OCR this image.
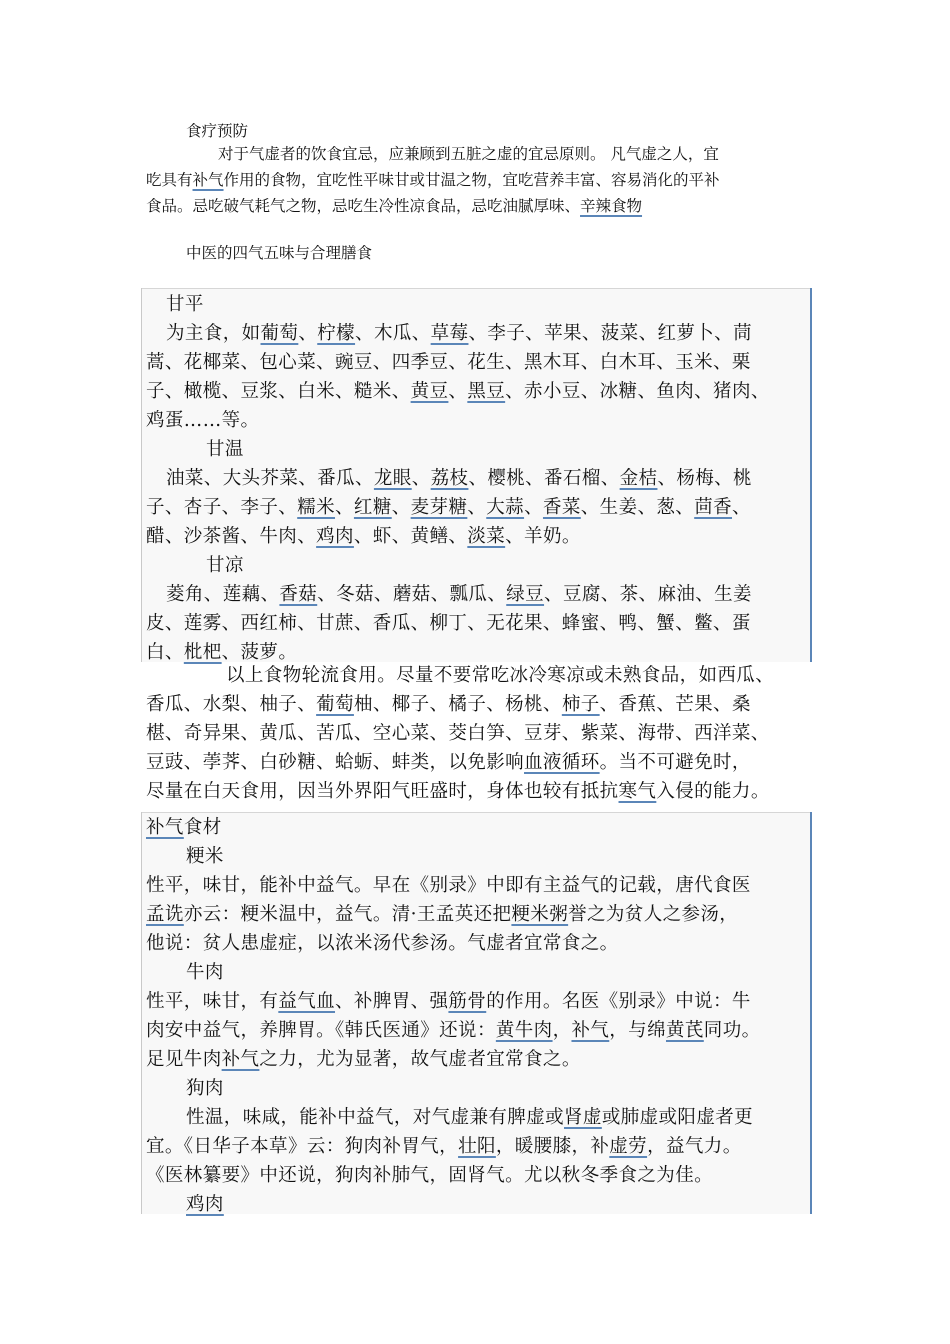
食疗预防

对于气虚者的饮食宜忌，应兼顾到五脏之虚的宜忌原则。 凡气虚之人，宜

吃具有补气作用的食物，宜吃性平味甘或甘温之物，宜吃营养丰富、容易消化的平补

食品。忌吃破气耗气之物，忌吃生冷性凉食品，忌吃油腻厚味、辛辣食物

中医的四气五味与合理膳食

甘平

为主食，如葡萄、柠檬、木瓜、草莓、李子、苹果、菠菜、红萝卜、茼

蒿、花椰菜、包心菜、豌豆、四季豆、花生、黑木耳、白木耳、玉米、栗

子、橄榄、豆浆、白米、糙米、黄豆、黑豆、赤小豆、冰糖、鱼肉、猪肉、

鸡蛋……等。

甘温

油菜、大头芥菜、番瓜、龙眼、荔枝、樱桃、番石榴、金桔、杨梅、桃

子、杏子、李子、糯米、红糖、麦芽糖、大蒜、香菜、生姜、葱、茴香、

醋、沙茶酱、牛肉、鸡肉、虾、黄鳝、淡菜、羊奶。

甘凉

菱角、莲藕、香菇、冬菇、蘑菇、瓢瓜、绿豆、豆腐、茶、麻油、生姜

皮、莲雾、西红柿、甘蔗、香瓜、柳丁、无花果、蜂蜜、鸭、蟹、鳖、蛋

白、枇杷、菠萝。

以上食物轮流食用。尽量不要常吃冰冷寒凉或未熟食品，如西瓜、

香瓜、水梨、柚子、葡萄柚、椰子、橘子、杨桃、柿子、香蕉、芒果、桑

椹、奇异果、黄瓜、苦瓜、空心菜、茭白笋、豆芽、紫菜、海带、西洋菜、

豆豉、荸荠、白砂糖、蛤蛎、蚌类，以免影响血液循环。当不可避免时，

尽量在白天食用，因当外界阳气旺盛时，身体也较有抵抗寒气入侵的能力。

补气食材

粳米

性平，味甘，能补中益气。早在《别录》中即有主益气的记载，唐代食医

孟诜亦云：粳米温中，益气。清·王孟英还把粳米粥誉之为贫人之参汤，

他说：贫人患虚症，以浓米汤代参汤。气虚者宜常食之。

牛肉

性平，味甘，有益气血、补脾胃、强筋骨的作用。名医《别录》中说：牛

肉安中益气，养脾胃。《韩氏医通》还说：黄牛肉，补气，与绵黄芪同功。

足见牛肉补气之力，尤为显著，故气虚者宜常食之。

狗肉

性温，味咸，能补中益气，对气虚兼有脾虚或肾虚或肺虚或阳虚者更

宜。《日华子本草》云：狗肉补胃气，壮阳，暖腰膝，补虚劳，益气力。

《医林纂要》中还说，狗肉补肺气，固肾气。尤以秋冬季食之为佳。

鸡肉
